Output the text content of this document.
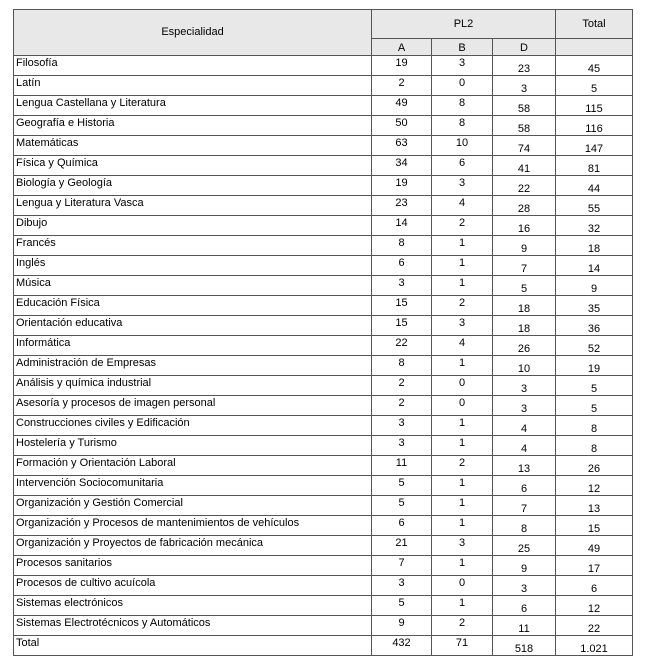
Especialidad	PL2			Total
	A	B	D	
Filosofía	19	3	23	45
Latín	2	0	3	5
Lengua Castellana y Literatura	49	8	58	115
Geografía e Historia	50	8	58	116
Matemáticas	63	10	74	147
Física y Química	34	6	41	81
Biología y Geología	19	3	22	44
Lengua y Literatura Vasca	23	4	28	55
Dibujo	14	2	16	32
Francés	8	1	9	18
Inglés	6	1	7	14
Música	3	1	5	9
Educación Física	15	2	18	35
Orientación educativa	15	3	18	36
Informática	22	4	26	52
Administración de Empresas	8	1	10	19
Análisis y química industrial	2	0	3	5
Asesoría y procesos de imagen personal	2	0	3	5
Construcciones civiles y Edificación	3	1	4	8
Hostelería y Turismo	3	1	4	8
Formación y Orientación Laboral	11	2	13	26
Intervención Sociocomunitaria	5	1	6	12
Organización y Gestión Comercial	5	1	7	13
Organización y Procesos de mantenimientos de vehículos	6	1	8	15
Organización y Proyectos de fabricación mecánica	21	3	25	49
Procesos sanitarios	7	1	9	17
Procesos de cultivo acuícola	3	0	3	6
Sistemas electrónicos	5	1	6	12
Sistemas Electrotécnicos y Automáticos	9	2	11	22
Total	432	71	518	1.021
